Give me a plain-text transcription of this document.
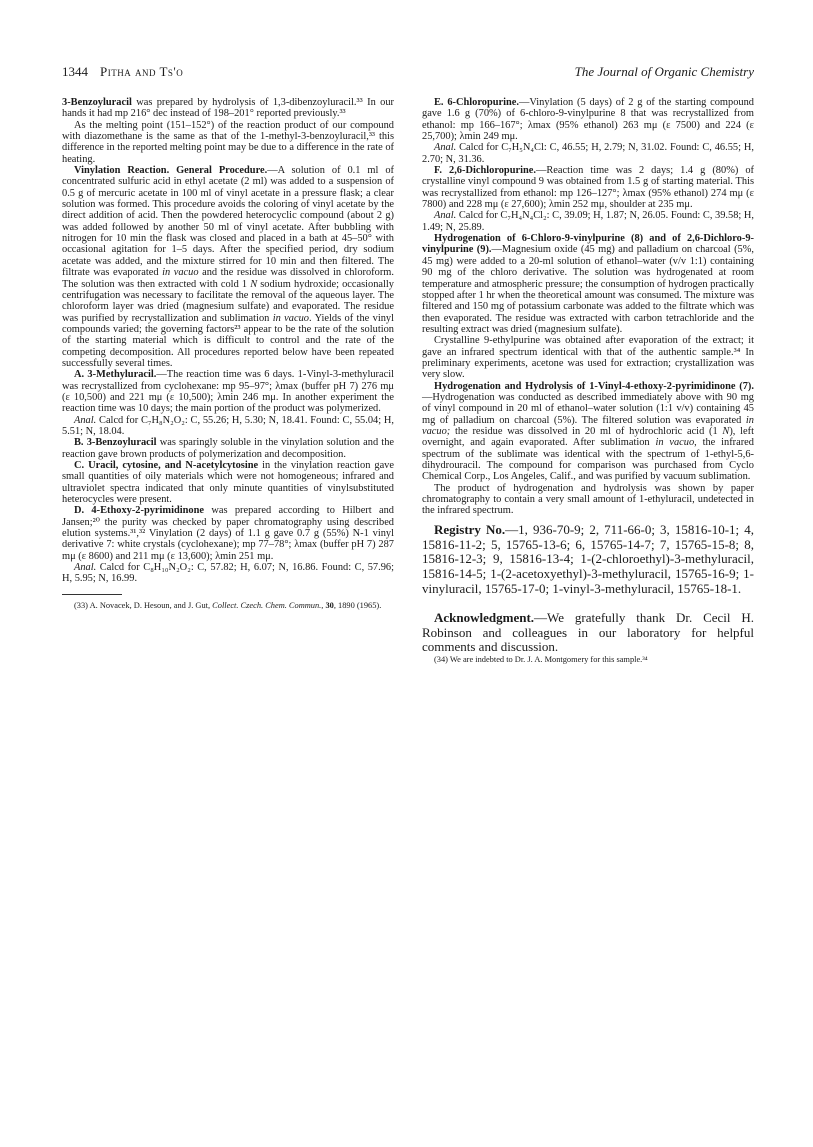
1344 Pitha and Ts'o	The Journal of Organic Chemistry

3-Benzoyluracil was prepared by hydrolysis of 1,3-dibenzoyluracil.³³ In our hands it had mp 216° dec instead of 198–201° reported previously.³³

As the melting point (151–152°) of the reaction product of our compound with diazomethane is the same as that of the 1-methyl-3-benzoyluracil,³³ this difference in the reported melting point may be due to a difference in the rate of heating.

Vinylation Reaction. General Procedure.—A solution of 0.1 ml of concentrated sulfuric acid in ethyl acetate (2 ml) was added to a suspension of 0.5 g of mercuric acetate in 100 ml of vinyl acetate in a pressure flask; a clear solution was formed. This procedure avoids the coloring of vinyl acetate by the direct addition of acid. Then the powdered heterocyclic compound (about 2 g) was added followed by another 50 ml of vinyl acetate. After bubbling with nitrogen for 10 min the flask was closed and placed in a bath at 45–50° with occasional agitation for 1–5 days. After the specified period, dry sodium acetate was added, and the mixture stirred for 10 min and then filtered. The filtrate was evaporated in vacuo and the residue was dissolved in chloroform. The solution was then extracted with cold 1 N sodium hydroxide; occasionally centrifugation was necessary to facilitate the removal of the aqueous layer. The chloroform layer was dried (magnesium sulfate) and evaporated. The residue was purified by recrystallization and sublimation in vacuo. Yields of the vinyl compounds varied; the governing factors²³ appear to be the rate of the solution of the starting material which is difficult to control and the rate of the competing decomposition. All procedures reported below have been repeated successfully several times.

A. 3-Methyluracil.—The reaction time was 6 days. 1-Vinyl-3-methyluracil was recrystallized from cyclohexane: mp 95–97°; λmax (buffer pH 7) 276 mμ (ε 10,500) and 221 mμ (ε 10,500); λmin 246 mμ. In another experiment the reaction time was 10 days; the main portion of the product was polymerized.

Anal. Calcd for C₇H₈N₂O₂: C, 55.26; H, 5.30; N, 18.41. Found: C, 55.04; H, 5.51; N, 18.04.

B. 3-Benzoyluracil was sparingly soluble in the vinylation solution and the reaction gave brown products of polymerization and decomposition.

C. Uracil, cytosine, and N-acetylcytosine in the vinylation reaction gave small quantities of oily materials which were not homogeneous; infrared and ultraviolet spectra indicated that only minute quantities of vinylsubstituted heterocycles were present.

D. 4-Ethoxy-2-pyrimidinone was prepared according to Hilbert and Jansen;²⁰ the purity was checked by paper chromatography using described elution systems.³¹,³² Vinylation (2 days) of 1.1 g gave 0.7 g (55%) N-1 vinyl derivative 7: white crystals (cyclohexane); mp 77–78°; λmax (buffer pH 7) 287 mμ (ε 8600) and 211 mμ (ε 13,600); λmin 251 mμ.

Anal. Calcd for C₈H₁₀N₂O₂: C, 57.82; H, 6.07; N, 16.86. Found: C, 57.96; H, 5.95; N, 16.99.

(33) A. Novacek, D. Hesoun, and J. Gut, Collect. Czech. Chem. Commun., 30, 1890 (1965).

E. 6-Chloropurine.—Vinylation (5 days) of 2 g of the starting compound gave 1.6 g (70%) of 6-chloro-9-vinylpurine 8 that was recrystallized from ethanol: mp 166–167°; λmax (95% ethanol) 263 mμ (ε 7500) and 224 (ε 25,700); λmin 249 mμ.

Anal. Calcd for C₇H₅N₄Cl: C, 46.55; H, 2.79; N, 31.02. Found: C, 46.55; H, 2.70; N, 31.36.

F. 2,6-Dichloropurine.—Reaction time was 2 days; 1.4 g (80%) of crystalline vinyl compound 9 was obtained from 1.5 g of starting material. This was recrystallized from ethanol: mp 126–127°; λmax (95% ethanol) 274 mμ (ε 7800) and 228 mμ (ε 27,600); λmin 252 mμ, shoulder at 235 mμ.

Anal. Calcd for C₇H₄N₄Cl₂: C, 39.09; H, 1.87; N, 26.05. Found: C, 39.58; H, 1.49; N, 25.89.

Hydrogenation of 6-Chloro-9-vinylpurine (8) and of 2,6-Dichloro-9-vinylpurine (9).—Magnesium oxide (45 mg) and palladium on charcoal (5%, 45 mg) were added to a 20-ml solution of ethanol–water (v/v 1:1) containing 90 mg of the chloro derivative. The solution was hydrogenated at room temperature and atmospheric pressure; the consumption of hydrogen practically stopped after 1 hr when the theoretical amount was consumed. The mixture was filtered and 150 mg of potassium carbonate was added to the filtrate which was then evaporated. The residue was extracted with carbon tetrachloride and the resulting extract was dried (magnesium sulfate).

Crystalline 9-ethylpurine was obtained after evaporation of the extract; it gave an infrared spectrum identical with that of the authentic sample.³⁴ In preliminary experiments, acetone was used for extraction; crystallization was very slow.

Hydrogenation and Hydrolysis of 1-Vinyl-4-ethoxy-2-pyrimidinone (7).—Hydrogenation was conducted as described immediately above with 90 mg of vinyl compound in 20 ml of ethanol–water solution (1:1 v/v) containing 45 mg of palladium on charcoal (5%). The filtered solution was evaporated in vacuo; the residue was dissolved in 20 ml of hydrochloric acid (1 N), left overnight, and again evaporated. After sublimation in vacuo, the infrared spectrum of the sublimate was identical with the spectrum of 1-ethyl-5,6-dihydrouracil. The compound for comparison was purchased from Cyclo Chemical Corp., Los Angeles, Calif., and was purified by vacuum sublimation.

The product of hydrogenation and hydrolysis was shown by paper chromatography to contain a very small amount of 1-ethyluracil, undetected in the infrared spectrum.

Registry No.—1, 936-70-9; 2, 711-66-0; 3, 15816-10-1; 4, 15816-11-2; 5, 15765-13-6; 6, 15765-14-7; 7, 15765-15-8; 8, 15816-12-3; 9, 15816-13-4; 1-(2-chloroethyl)-3-methyluracil, 15816-14-5; 1-(2-acetoxyethyl)-3-methyluracil, 15765-16-9; 1-vinyluracil, 15765-17-0; 1-vinyl-3-methyluracil, 15765-18-1.

Acknowledgment.—We gratefully thank Dr. Cecil H. Robinson and colleagues in our laboratory for helpful comments and discussion.

(34) We are indebted to Dr. J. A. Montgomery for this sample.³⁴
